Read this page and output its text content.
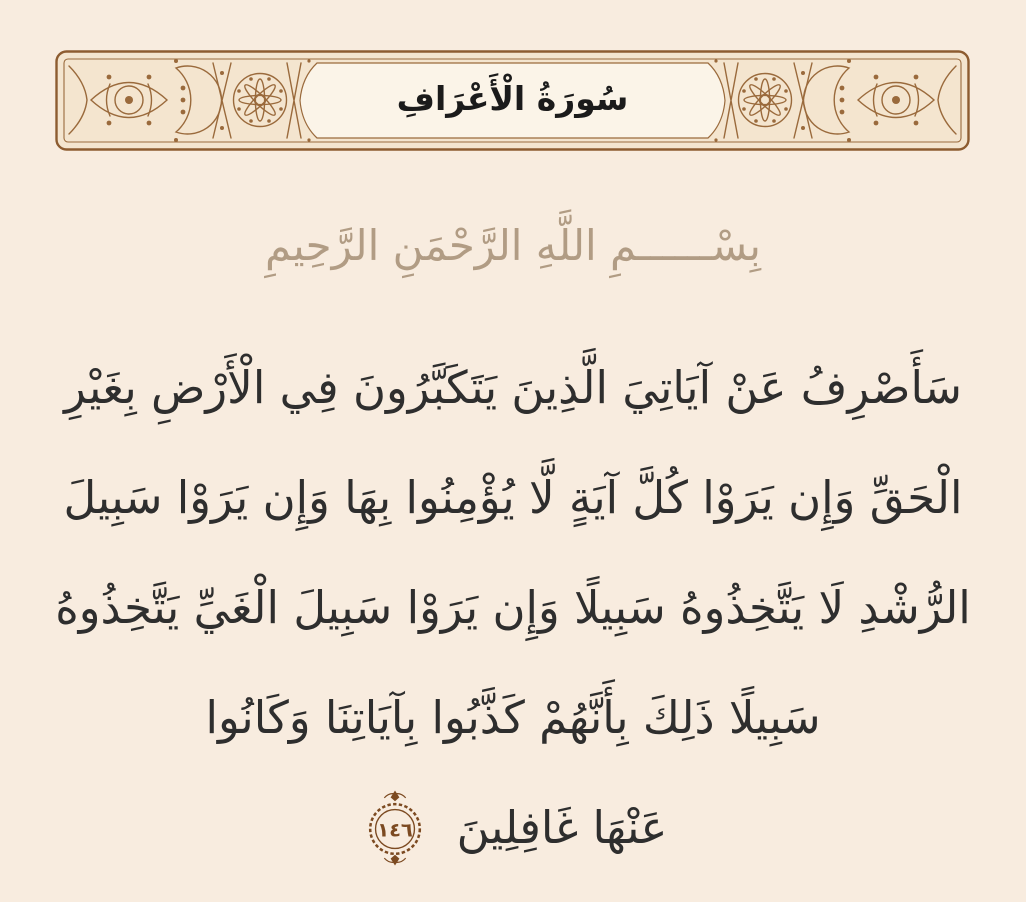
سُورَةُ الْأَعْرَافِ
بِسْــــــمِ اللَّهِ الرَّحْمَنِ الرَّحِيمِ
سَأَصْرِفُ عَنْ آيَاتِيَ الَّذِينَ يَتَكَبَّرُونَ فِي الْأَرْضِ بِغَيْرِ
الْحَقِّ وَإِن يَرَوْا كُلَّ آيَةٍ لَّا يُؤْمِنُوا بِهَا وَإِن يَرَوْا سَبِيلَ
الرُّشْدِ لَا يَتَّخِذُوهُ سَبِيلًا وَإِن يَرَوْا سَبِيلَ الْغَيِّ يَتَّخِذُوهُ
سَبِيلًا ذَلِكَ بِأَنَّهُمْ كَذَّبُوا بِآيَاتِنَا وَكَانُوا
عَنْهَا غَافِلِينَ
١٤٦
